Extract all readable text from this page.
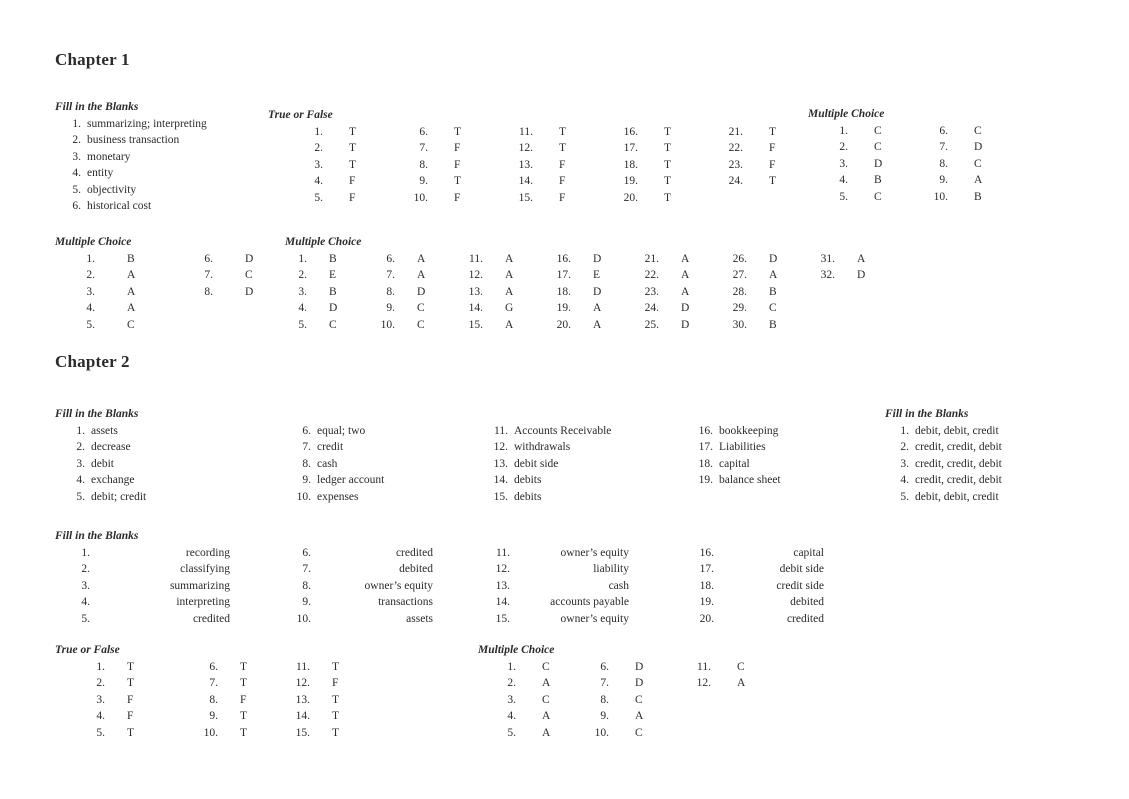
Chapter 1
Fill in the Blanks
1. summarizing; interpreting
2. business transaction
3. monetary
4. entity
5. objectivity
6. historical cost
True or False
1. T
2. T
3. T
4. F
5. F
6. T
7. F
8. F
9. T
10. F
11. T
12. T
13. F
14. F
15. F
16. T
17. T
18. T
19. T
20. T
21. T
22. F
23. F
24. T
Multiple Choice
1. C
2. C
3. D
4. B
5. C
6. C
7. D
8. C
9. A
10. B
Multiple Choice
1.	B
2.	A
3.	A
4.	A
5.	C
6.	D
7.	C
8.	D
Multiple Choice
1. B
2. E
3. B
4. D
5. C
6. A
7. A
8. D
9. C
10. C
11. A
12. A
13. A
14. G
15. A
16. D
17. E
18. D
19. A
20. A
21. A
22. A
23. A
24. D
25. D
26. D
27. A
28. B
29. C
30. B
31. A
32. D
Chapter 2
Fill in the Blanks
1. assets
2. decrease
3. debit
4. exchange
5. debit; credit
6. equal; two
7. credit
8. cash
9. ledger account
10. expenses
11. Accounts Receivable
12. withdrawals
13. debit side
14. debits
15. debits
16. bookkeeping
17. Liabilities
18. capital
19. balance sheet
Fill in the Blanks
1. debit, debit, credit
2. credit, credit, debit
3. credit, credit, debit
4. credit, credit, debit
5. debit, debit, credit
Fill in the Blanks
1.	recording
2.	classifying
3.	summarizing
4.	interpreting
5.	credited
6.	credited
7.	debited
8.	owner’s equity
9.	transactions
10.	assets
11.	owner’s equity
12.	liability
13.	cash
14.	accounts payable
15.	owner’s equity
16.	capital
17.	debit side
18.	credit side
19.	debited
20.	credited
True or False
1. T
2. T
3. F
4. F
5. T
6. T
7. T
8. F
9. T
10. T
11. T
12. F
13. T
14. T
15. T
Multiple Choice
1. C
2. A
3. C
4. A
5. A
6. D
7. D
8. C
9. A
10. C
11. C
12. A
